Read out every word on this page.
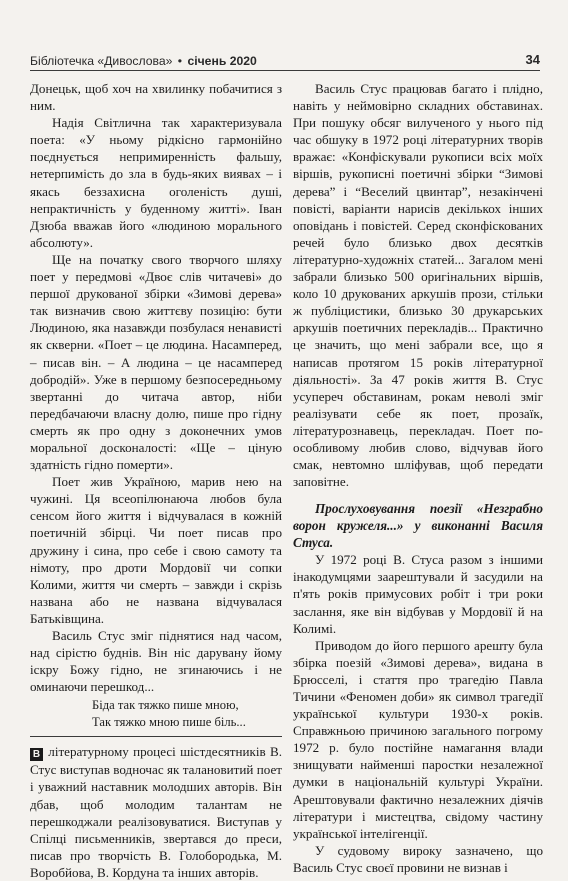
Бібліотечка «Дивослова» • січень 2020	34

Донецьк, щоб хоч на хвилинку побачитися з ним.

Надія Світлична так характеризувала поета: «У ньому рідкісно гармонійно поєднується непримиренність фальшу, нетерпимість до зла в будь-яких виявах – і якась беззахисна оголеність душі, непрактичність у буденному житті». Іван Дзюба вважав його «людиною морального абсолюту».

Ще на початку свого творчого шляху поет у передмові «Двоє слів читачеві» до першої друкованої збірки «Зимові дерева» так визначив свою життєву позицію: бути Людиною, яка назавжди позбулася ненависті як скверни. «Поет – це людина. Насамперед, – писав він. – А людина – це насамперед добродій». Уже в першому безпосередньому звертанні до читача автор, ніби передбачаючи власну долю, пише про гідну смерть як про одну з доконечних умов моральної досконалості: «Ще – ціную здатність гідно померти».

Поет жив Україною, марив нею на чужині. Ця всеопілюнаюча любов була сенсом його життя і відчувалася в кожній поетичній збірці. Чи поет писав про дружину і сина, про себе і свою самоту та німоту, про дроти Мордовії чи сопки Колими, життя чи смерть – завжди і скрізь названа або не названа відчувалася Батьківщина.

Василь Стус зміг піднятися над часом, над сірістю буднів. Він ніс дарувану йому іскру Божу гідно, не згинаючись і не оминаючи перешкод...

Біда так тяжко пише мною,
Так тяжко мною пише біль...

В літературному процесі шістдесятників В. Стус виступав водночас як талановитий поет і уважний наставник молодших авторів. Він дбав, щоб молодим талантам не перешкоджали реалізовуватися. Виступав у Спілці письменників, звертався до преси, писав про творчість В. Голобородька, М. Воробйова, В. Кордуна та інших авторів.

Василь Стус працював багато і плідно, навіть у неймовірно складних обставинах. При пошуку обсяг вилученого у нього під час обшуку в 1972 році літературних творів вражає: «Конфіскували рукописи всіх моїх віршів, рукописні поетичні збірки “Зимові дерева” і “Веселий цвинтар”, незакінчені повісті, варіанти нарисів декількох інших оповідань і повістей. Серед сконфіскованих речей було близько двох десятків літературно-художніх статей... Загалом мені забрали близько 500 оригінальних віршів, коло 10 друкованих аркушів прози, стільки ж публіцистики, близько 30 друкарських аркушів поетичних перекладів... Практично це значить, що мені забрали все, що я написав протягом 15 років літературної діяльності». За 47 років життя В. Стус усупереч обставинам, рокам неволі зміг реалізувати себе як поет, прозаїк, літературознавець, перекладач. Поет по-особливому любив слово, відчував його смак, невтомно шліфував, щоб передати заповітне.

Прослуховування поезії «Незграбно ворон кружеля...» у виконанні Василя Стуса.

У 1972 році В. Стуса разом з іншими інакодумцями заарештували й засудили на п'ять років примусових робіт і три роки заслання, яке він відбував у Мордовії й на Колимі.

Приводом до його першого арешту була збірка поезій «Зимові дерева», видана в Брюсселі, і стаття про трагедію Павла Тичини «Феномен доби» як символ трагедії української культури 1930-х років. Справжньою причиною загального погрому 1972 р. було постійне намагання влади знищувати найменші паростки незалежної думки в національній культурі України. Арештовували фактично незалежних діячів літератури і мистецтва, свідому частину української інтелігенції.

У судовому вироку зазначено, що Василь Стус своєї провини не визнав і
